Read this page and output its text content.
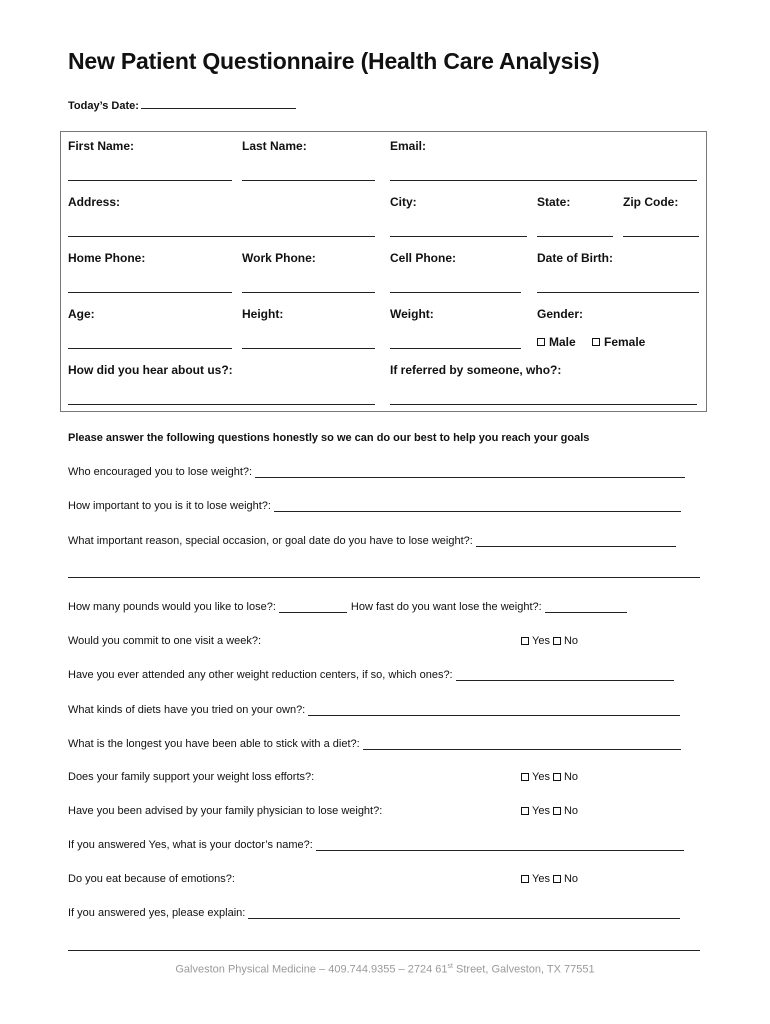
New Patient Questionnaire (Health Care Analysis)
Today’s Date:
First Name:	Last Name:	Email:
Address:	City:	State:	Zip Code:
Home Phone:	Work Phone:	Cell Phone:	Date of Birth:
Age:	Height:	Weight:	Gender:
Male Female
How did you hear about us?:	If referred by someone, who?:
Please answer the following questions honestly so we can do our best to help you reach your goals
Who encouraged you to lose weight?:
How important to you is it to lose weight?:
What important reason, special occasion, or goal date do you have to lose weight?:
How many pounds would you like to lose?:	How fast do you want lose the weight?:
Would you commit to one visit a week?:	Yes No
Have you ever attended any other weight reduction centers, if so, which ones?:
What kinds of diets have you tried on your own?:
What is the longest you have been able to stick with a diet?:
Does your family support your weight loss efforts?:	Yes No
Have you been advised by your family physician to lose weight?:	Yes No
If you answered Yes, what is your doctor’s name?:
Do you eat because of emotions?:	Yes No
If you answered yes, please explain:
Galveston Physical Medicine – 409.744.9355 – 2724 61st Street, Galveston, TX 77551
